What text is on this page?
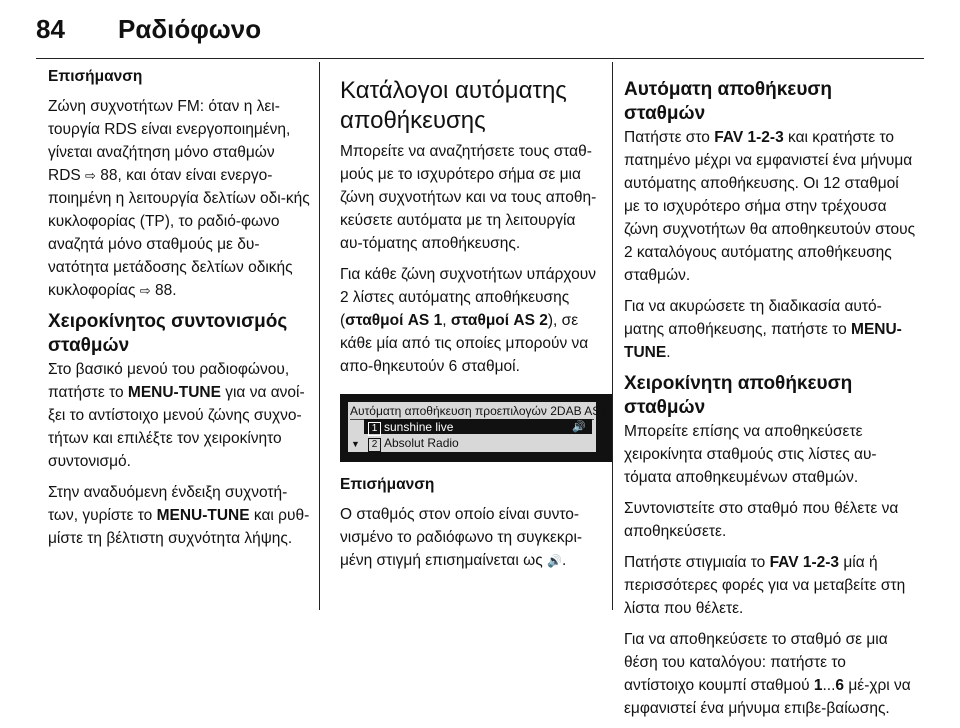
84 Ραδιόφωνο

Επισήμανση

Ζώνη συχνοτήτων FM: όταν η λει-τουργία RDS είναι ενεργοποιημένη, γίνεται αναζήτηση μόνο σταθμών RDS ⇨ 88, και όταν είναι ενεργο-ποιημένη η λειτουργία δελτίων οδι-κής κυκλοφορίας (TP), το ραδιό-φωνο αναζητά μόνο σταθμούς με δυ-νατότητα μετάδοσης δελτίων οδικής κυκλοφορίας ⇨ 88.

Χειροκίνητος συντονισμός σταθμών

Στο βασικό μενού του ραδιοφώνου, πατήστε το MENU-TUNE για να ανοί-ξει το αντίστοιχο μενού ζώνης συχνο-τήτων και επιλέξτε τον χειροκίνητο συντονισμό.

Στην αναδυόμενη ένδειξη συχνοτή-των, γυρίστε το MENU-TUNE και ρυθ-μίστε τη βέλτιστη συχνότητα λήψης.

Κατάλογοι αυτόματης αποθήκευσης

Μπορείτε να αναζητήσετε τους σταθ-μούς με το ισχυρότερο σήμα σε μια ζώνη συχνοτήτων και να τους αποθη-κεύσετε αυτόματα με τη λειτουργία αυ-τόματης αποθήκευσης.

Για κάθε ζώνη συχνοτήτων υπάρχουν 2 λίστες αυτόματης αποθήκευσης (σταθμοί AS 1, σταθμοί AS 2), σε κάθε μία από τις οποίες μπορούν να απο-θηκευτούν 6 σταθμοί.

Αυτόματη αποθήκευση προεπιλογών 2DAB AS2
▼
1 sunshine live	🔊
2 Absolut Radio

Επισήμανση

Ο σταθμός στον οποίο είναι συντο-νισμένο το ραδιόφωνο τη συγκεκρι-μένη στιγμή επισημαίνεται ως 🔊.

Αυτόματη αποθήκευση σταθμών

Πατήστε στο FAV 1-2-3 και κρατήστε το πατημένο μέχρι να εμφανιστεί ένα μήνυμα αυτόματης αποθήκευσης. Οι 12 σταθμοί με το ισχυρότερο σήμα στην τρέχουσα ζώνη συχνοτήτων θα αποθηκευτούν στους 2 καταλόγους αυτόματης αποθήκευσης σταθμών.

Για να ακυρώσετε τη διαδικασία αυτό-ματης αποθήκευσης, πατήστε το MENU-TUNE.

Χειροκίνητη αποθήκευση σταθμών

Μπορείτε επίσης να αποθηκεύσετε χειροκίνητα σταθμούς στις λίστες αυ-τόματα αποθηκευμένων σταθμών.

Συντονιστείτε στο σταθμό που θέλετε να αποθηκεύσετε.

Πατήστε στιγμιαία το FAV 1-2-3 μία ή περισσότερες φορές για να μεταβείτε στη λίστα που θέλετε.

Για να αποθηκεύσετε το σταθμό σε μια θέση του καταλόγου: πατήστε το αντίστοιχο κουμπί σταθμού 1...6 μέ-χρι να εμφανιστεί ένα μήνυμα επιβε-βαίωσης.
